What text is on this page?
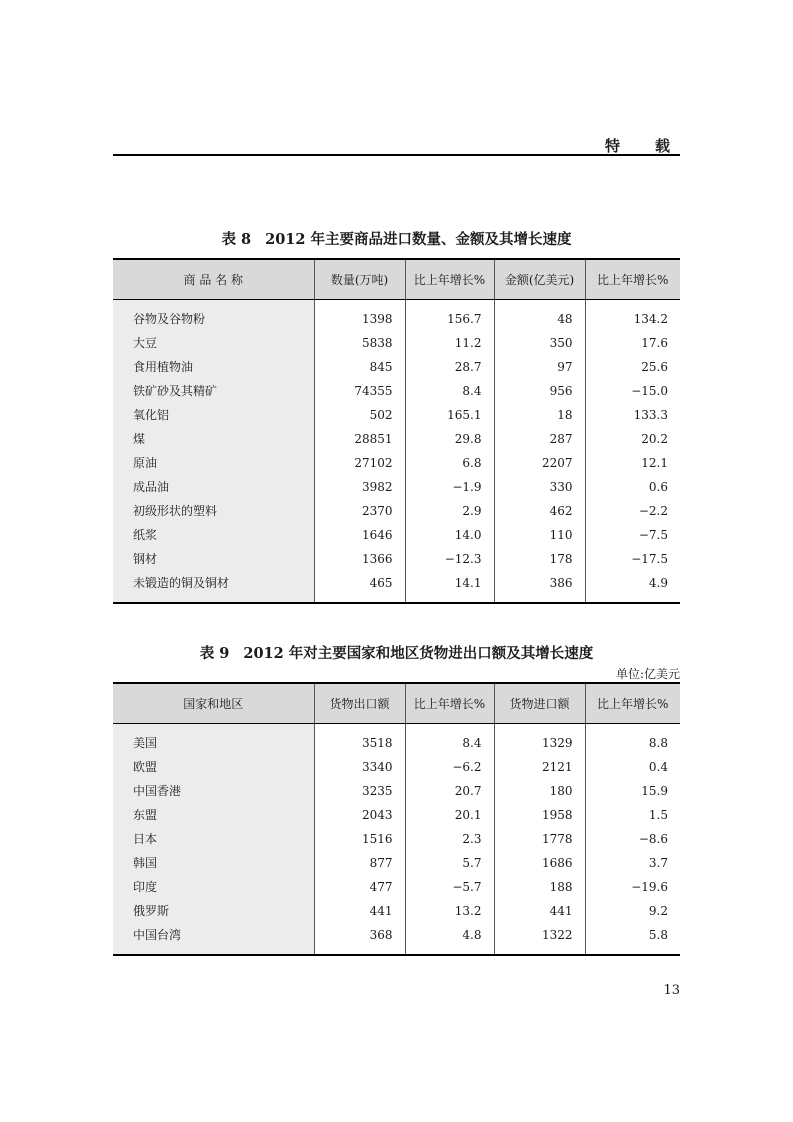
特　载
表 8 2012 年主要商品进口数量、金额及其增长速度
商 品 名 称	数量(万吨)	比上年增长%	金额(亿美元)	比上年增长%

谷物及谷物粉	1398	156.7	48	134.2
大豆	5838	11.2	350	17.6
食用植物油	845	28.7	97	25.6
铁矿砂及其精矿	74355	8.4	956	−15.0
氧化铝	502	165.1	18	133.3
煤	28851	29.8	287	20.2
原油	27102	6.8	2207	12.1
成品油	3982	−1.9	330	0.6
初级形状的塑料	2370	2.9	462	−2.2
纸浆	1646	14.0	110	−7.5
钢材	1366	−12.3	178	−17.5
未锻造的铜及铜材	465	14.1	386	4.9

表 9 2012 年对主要国家和地区货物进出口额及其增长速度
单位:亿美元
国家和地区	货物出口额	比上年增长%	货物进口额	比上年增长%

美国	3518	8.4	1329	8.8
欧盟	3340	−6.2	2121	0.4
中国香港	3235	20.7	180	15.9
东盟	2043	20.1	1958	1.5
日本	1516	2.3	1778	−8.6
韩国	877	5.7	1686	3.7
印度	477	−5.7	188	−19.6
俄罗斯	441	13.2	441	9.2
中国台湾	368	4.8	1322	5.8

13
